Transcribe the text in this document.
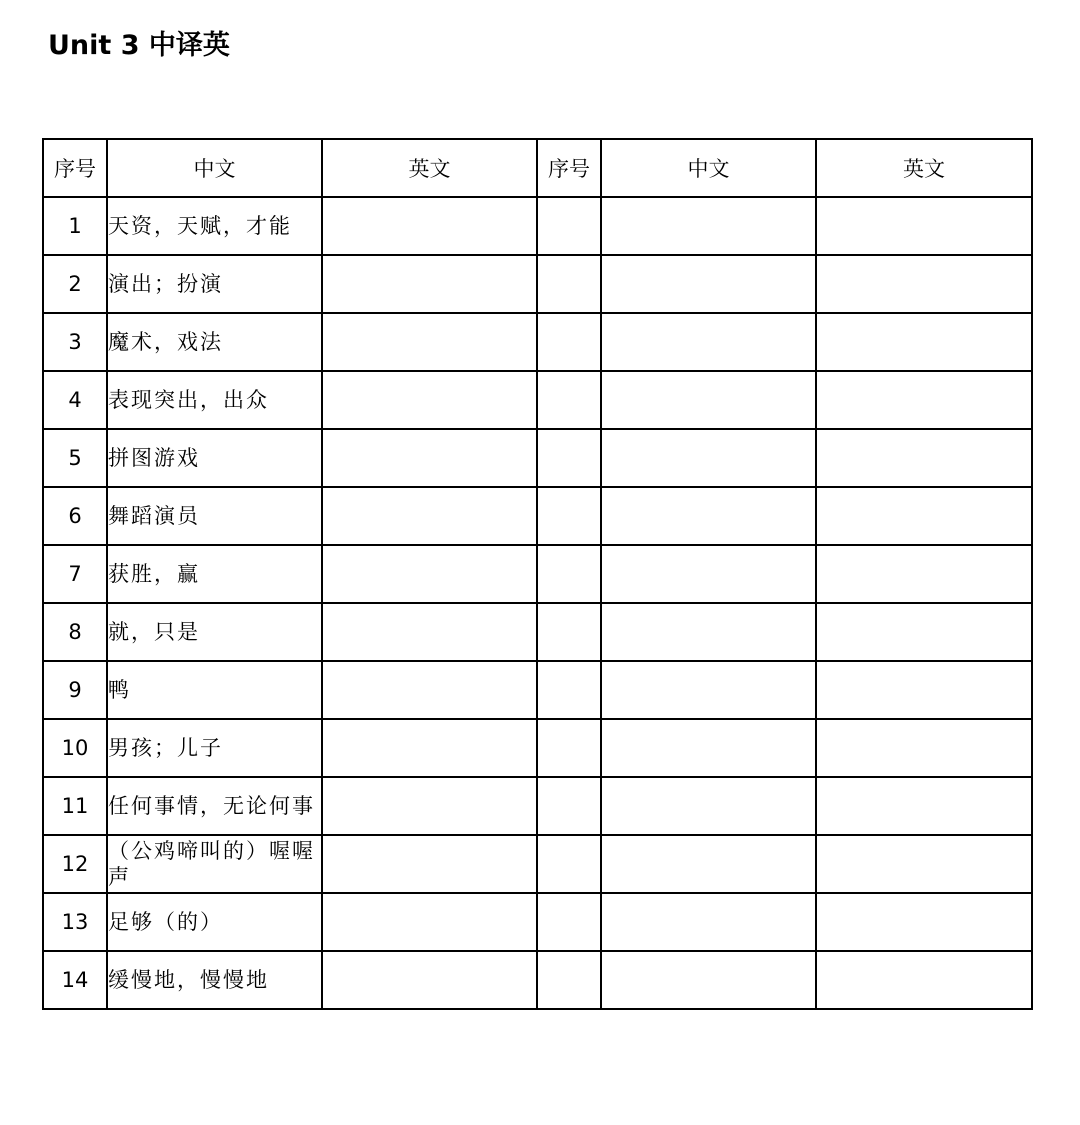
Unit 3 中译英
序号	中文	英文	序号	中文	英文
1	天资，天赋，才能				
2	演出；扮演				
3	魔术，戏法				
4	表现突出，出众				
5	拼图游戏				
6	舞蹈演员				
7	获胜，赢				
8	就，只是				
9	鸭				
10	男孩；儿子				
11	任何事情，无论何事				
12	（公鸡啼叫的）喔喔声				
13	足够（的）				
14	缓慢地，慢慢地				
